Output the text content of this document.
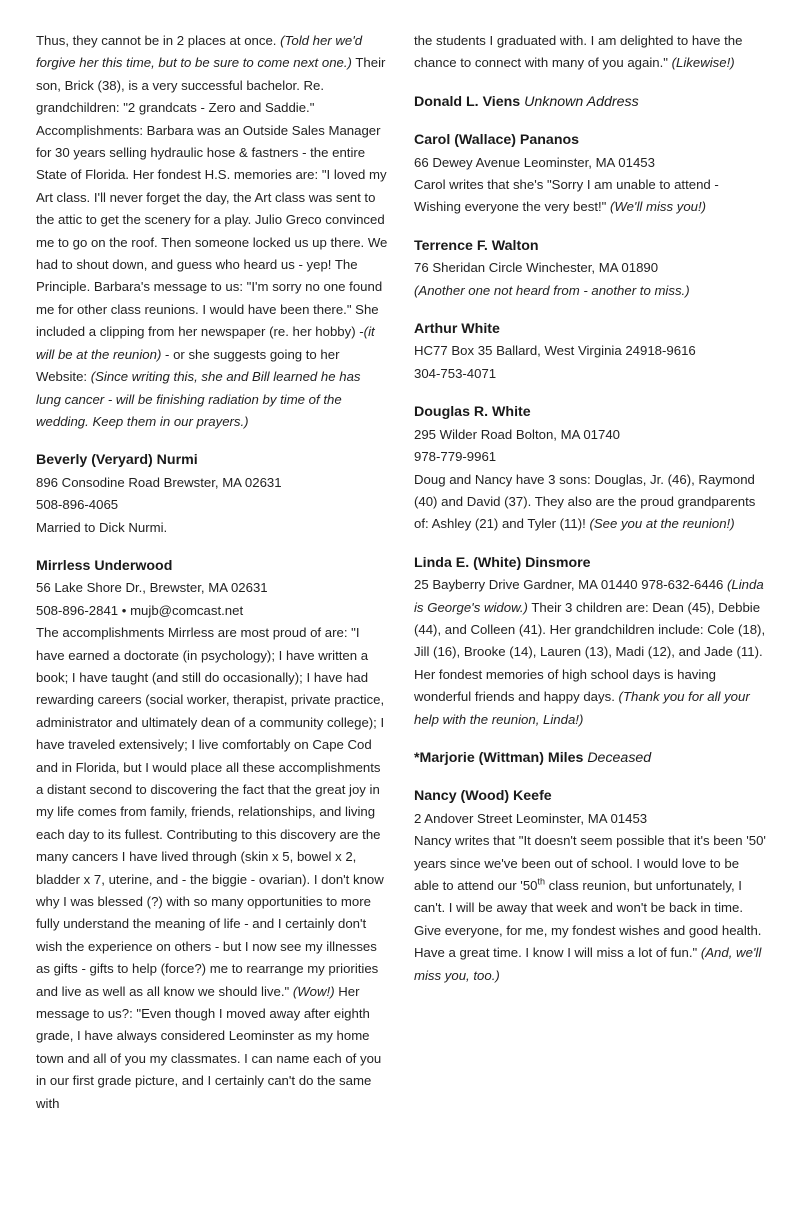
Thus, they cannot be in 2 places at once. (Told her we'd forgive her this time, but to be sure to come next one.) Their son, Brick (38), is a very successful bachelor. Re. grandchildren: "2 grandcats - Zero and Saddie." Accomplishments: Barbara was an Outside Sales Manager for 30 years selling hydraulic hose & fastners - the entire State of Florida. Her fondest H.S. memories are: "I loved my Art class. I'll never forget the day, the Art class was sent to the attic to get the scenery for a play. Julio Greco convinced me to go on the roof. Then someone locked us up there. We had to shout down, and guess who heard us - yep! The Principle. Barbara's message to us: "I'm sorry no one found me for other class reunions. I would have been there." She included a clipping from her newspaper (re. her hobby) -(it will be at the reunion) - or she suggests going to her Website: (Since writing this, she and Bill learned he has lung cancer - will be finishing radiation by time of the wedding. Keep them in our prayers.)

Beverly (Veryard) Nurmi

896 Consodine Road Brewster, MA 02631

508-896-4065

Married to Dick Nurmi.

Mirrless Underwood

56 Lake Shore Dr., Brewster, MA 02631

508-896-2841 • mujb@comcast.net

The accomplishments Mirrless are most proud of are: "I have earned a doctorate (in psychology); I have written a book; I have taught (and still do occasionally); I have had rewarding careers (social worker, therapist, private practice, administrator and ultimately dean of a community college); I have traveled extensively; I live comfortably on Cape Cod and in Florida, but I would place all these accomplishments a distant second to discovering the fact that the great joy in my life comes from family, friends, relationships, and living each day to its fullest. Contributing to this discovery are the many cancers I have lived through (skin x 5, bowel x 2, bladder x 7, uterine, and - the biggie - ovarian). I don't know why I was blessed (?) with so many opportunities to more fully understand the meaning of life - and I certainly don't wish the experience on others - but I now see my illnesses as gifts - gifts to help (force?) me to rearrange my priorities and live as well as all know we should live." (Wow!) Her message to us?: "Even though I moved away after eighth grade, I have always considered Leominster as my home town and all of you my classmates. I can name each of you in our first grade picture, and I certainly can't do the same with

the students I graduated with. I am delighted to have the chance to connect with many of you again." (Likewise!)

Donald L. Viens Unknown Address

Carol (Wallace) Pananos

66 Dewey Avenue Leominster, MA 01453

Carol writes that she's "Sorry I am unable to attend - Wishing everyone the very best!" (We'll miss you!)

Terrence F. Walton

76 Sheridan Circle Winchester, MA 01890

(Another one not heard from - another to miss.)

Arthur White

HC77 Box 35 Ballard, West Virginia 24918-9616

304-753-4071

Douglas R. White

295 Wilder Road Bolton, MA 01740

978-779-9961

Doug and Nancy have 3 sons: Douglas, Jr. (46), Raymond (40) and David (37). They also are the proud grandparents of: Ashley (21) and Tyler (11)! (See you at the reunion!)

Linda E. (White) Dinsmore

25 Bayberry Drive Gardner, MA 01440 978-632-6446 (Linda is George's widow.) Their 3 children are: Dean (45), Debbie (44), and Colleen (41). Her grandchildren include: Cole (18), Jill (16), Brooke (14), Lauren (13), Madi (12), and Jade (11). Her fondest memories of high school days is having wonderful friends and happy days. (Thank you for all your help with the reunion, Linda!)

*Marjorie (Wittman) Miles Deceased

Nancy (Wood) Keefe

2 Andover Street Leominster, MA 01453

Nancy writes that "It doesn't seem possible that it's been '50' years since we've been out of school. I would love to be able to attend our '50th class reunion, but unfortunately, I can't. I will be away that week and won't be back in time. Give everyone, for me, my fondest wishes and good health. Have a great time. I know I will miss a lot of fun." (And, we'll miss you, too.)
